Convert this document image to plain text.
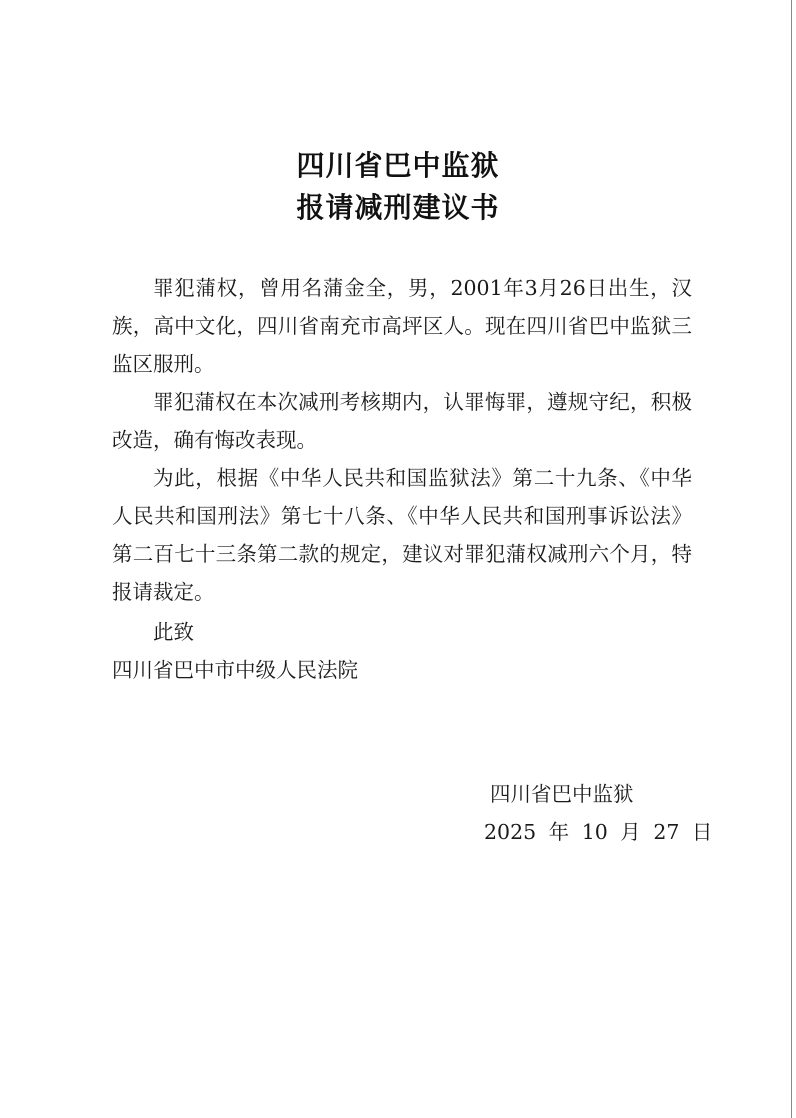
四川省巴中监狱
报请减刑建议书
罪犯蒲权，曾用名蒲金全，男，2001年3月26日出生，汉族，高中文化，四川省南充市高坪区人。现在四川省巴中监狱三监区服刑。
罪犯蒲权在本次减刑考核期内，认罪悔罪，遵规守纪，积极改造，确有悔改表现。
为此，根据《中华人民共和国监狱法》第二十九条、《中华人民共和国刑法》第七十八条、《中华人民共和国刑事诉讼法》第二百七十三条第二款的规定，建议对罪犯蒲权减刑六个月，特报请裁定。
此致
四川省巴中市中级人民法院
四川省巴中监狱
2025 年 10 月 27 日
